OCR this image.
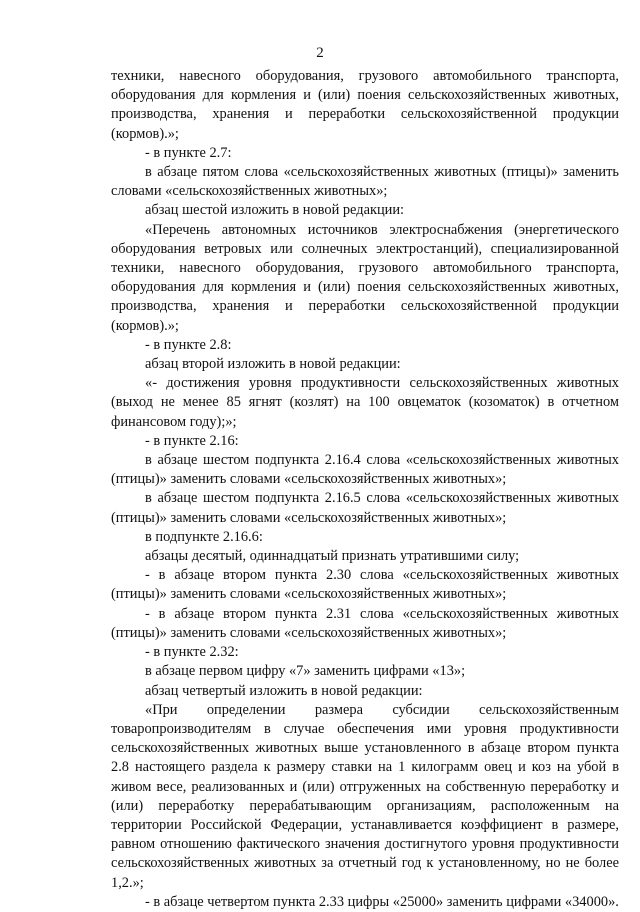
2

техники, навесного оборудования, грузового автомобильного транспорта, оборудования для кормления и (или) поения сельскохозяйственных животных, производства, хранения и переработки сельскохозяйственной продукции (кормов).»;

- в пункте 2.7:

в абзаце пятом слова «сельскохозяйственных животных (птицы)» заменить словами «сельскохозяйственных животных»;

абзац шестой изложить в новой редакции:

«Перечень автономных источников электроснабжения (энергетического оборудования ветровых или солнечных электростанций), специализированной техники, навесного оборудования, грузового автомобильного транспорта, оборудования для кормления и (или) поения сельскохозяйственных животных, производства, хранения и переработки сельскохозяйственной продукции (кормов).»;

- в пункте 2.8:

абзац второй изложить в новой редакции:

«- достижения уровня продуктивности сельскохозяйственных животных (выход не менее 85 ягнят (козлят) на 100 овцематок (козоматок) в отчетном финансовом году);»;

- в пункте 2.16:

в абзаце шестом подпункта 2.16.4 слова «сельскохозяйственных животных (птицы)» заменить словами «сельскохозяйственных животных»;

в абзаце шестом подпункта 2.16.5 слова «сельскохозяйственных животных (птицы)» заменить словами «сельскохозяйственных животных»;

в подпункте 2.16.6:

абзацы десятый, одиннадцатый признать утратившими силу;

- в абзаце втором пункта 2.30 слова «сельскохозяйственных животных (птицы)» заменить словами «сельскохозяйственных животных»;

- в абзаце втором пункта 2.31 слова «сельскохозяйственных животных (птицы)» заменить словами «сельскохозяйственных животных»;

- в пункте 2.32:

в абзаце первом цифру «7» заменить цифрами «13»;

абзац четвертый изложить в новой редакции:

«При определении размера субсидии сельскохозяйственным товаропроизводителям в случае обеспечения ими уровня продуктивности сельскохозяйственных животных выше установленного в абзаце втором пункта 2.8 настоящего раздела к размеру ставки на 1 килограмм овец и коз на убой в живом весе, реализованных и (или) отгруженных на собственную переработку и (или) переработку перерабатывающим организациям, расположенным на территории Российской Федерации, устанавливается коэффициент в размере, равном отношению фактического значения достигнутого уровня продуктивности сельскохозяйственных животных за отчетный год к установленному, но не более 1,2.»;

- в абзаце четвертом пункта 2.33 цифры «25000» заменить цифрами «34000».
